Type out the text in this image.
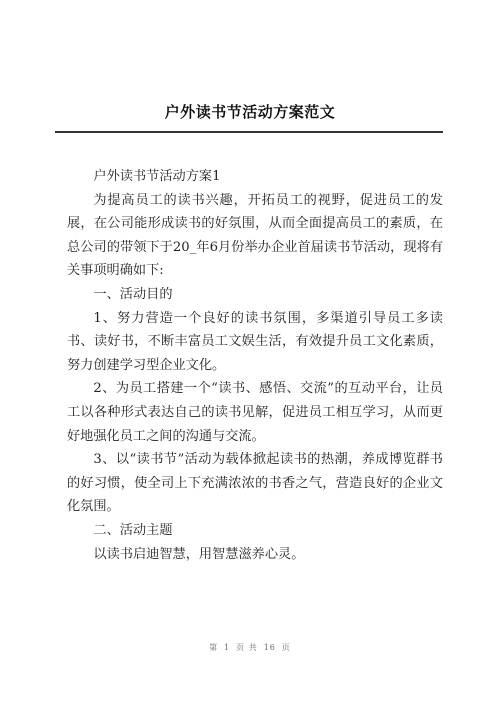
户外读书节活动方案范文

户外读书节活动方案1

为提高员工的读书兴趣，开拓员工的视野，促进员工的发展，在公司能形成读书的好氛围，从而全面提高员工的素质，在总公司的带领下于20_年6月份举办企业首届读书节活动，现将有关事项明确如下:

一、活动目的

1、努力营造一个良好的读书氛围，多渠道引导员工多读书、读好书，不断丰富员工文娱生活，有效提升员工文化素质，努力创建学习型企业文化。

2、为员工搭建一个“读书、感悟、交流”的互动平台，让员工以各种形式表达自己的读书见解，促进员工相互学习，从而更好地强化员工之间的沟通与交流。

3、以“读书节”活动为载体掀起读书的热潮，养成博览群书的好习惯，使全司上下充满浓浓的书香之气，营造良好的企业文化氛围。

二、活动主题

以读书启迪智慧，用智慧滋养心灵。

第 1 页 共 16 页
